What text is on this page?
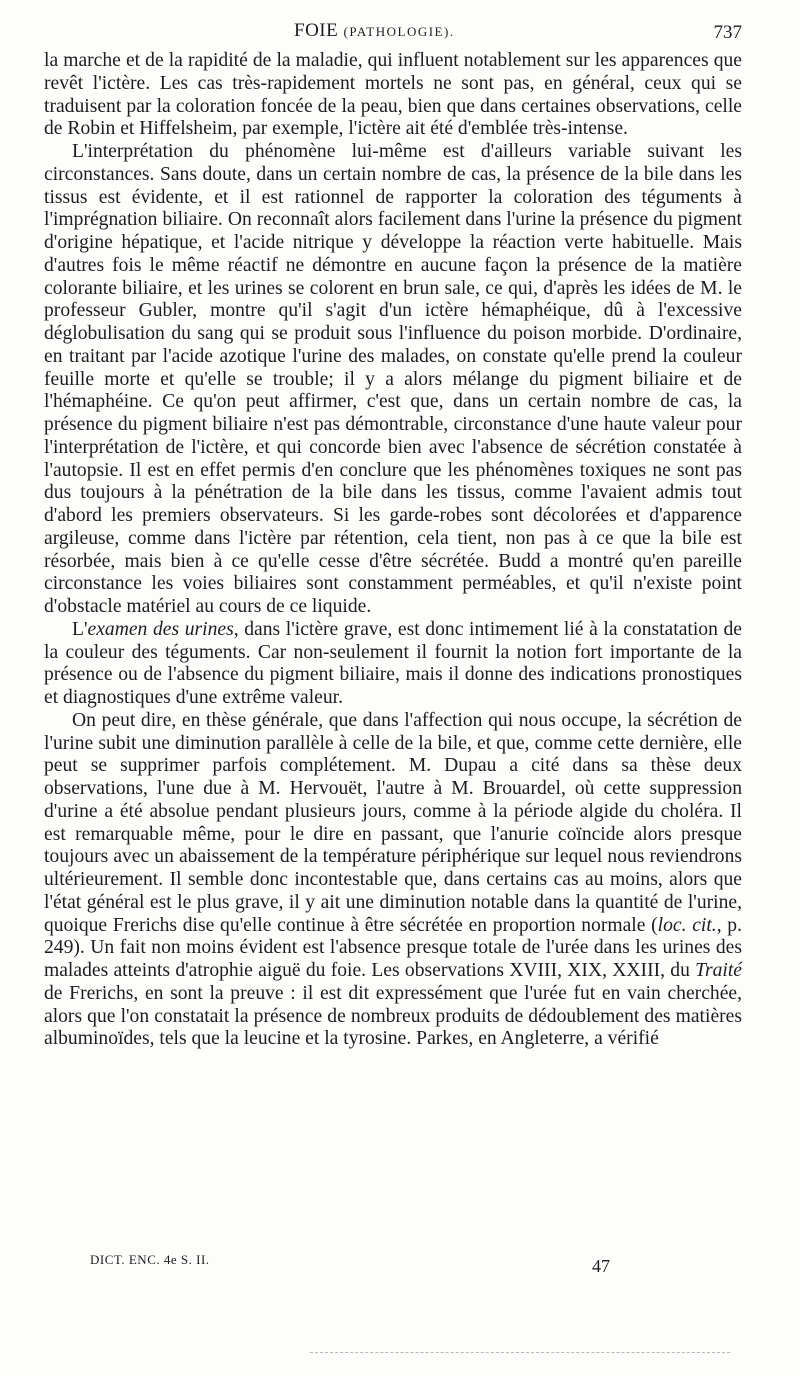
FOIE (PATHOLOGIE).	737

la marche et de la rapidité de la maladie, qui influent notablement sur les apparences que revêt l'ictère. Les cas très-rapidement mortels ne sont pas, en général, ceux qui se traduisent par la coloration foncée de la peau, bien que dans certaines observations, celle de Robin et Hiffelsheim, par exemple, l'ictère ait été d'emblée très-intense.

L'interprétation du phénomène lui-même est d'ailleurs variable suivant les circonstances. Sans doute, dans un certain nombre de cas, la présence de la bile dans les tissus est évidente, et il est rationnel de rapporter la coloration des téguments à l'imprégnation biliaire. On reconnaît alors facilement dans l'urine la présence du pigment d'origine hépatique, et l'acide nitrique y développe la réaction verte habituelle. Mais d'autres fois le même réactif ne démontre en aucune façon la présence de la matière colorante biliaire, et les urines se colorent en brun sale, ce qui, d'après les idées de M. le professeur Gubler, montre qu'il s'agit d'un ictère hémaphéique, dû à l'excessive déglobulisation du sang qui se produit sous l'influence du poison morbide. D'ordinaire, en traitant par l'acide azotique l'urine des malades, on constate qu'elle prend la couleur feuille morte et qu'elle se trouble; il y a alors mélange du pigment biliaire et de l'hémaphéine. Ce qu'on peut affirmer, c'est que, dans un certain nombre de cas, la présence du pigment biliaire n'est pas démontrable, circonstance d'une haute valeur pour l'interprétation de l'ictère, et qui concorde bien avec l'absence de sécrétion constatée à l'autopsie. Il est en effet permis d'en conclure que les phénomènes toxiques ne sont pas dus toujours à la pénétration de la bile dans les tissus, comme l'avaient admis tout d'abord les premiers observateurs. Si les garde-robes sont décolorées et d'apparence argileuse, comme dans l'ictère par rétention, cela tient, non pas à ce que la bile est résorbée, mais bien à ce qu'elle cesse d'être sécrétée. Budd a montré qu'en pareille circonstance les voies biliaires sont constamment perméables, et qu'il n'existe point d'obstacle matériel au cours de ce liquide.

L'examen des urines, dans l'ictère grave, est donc intimement lié à la constatation de la couleur des téguments. Car non-seulement il fournit la notion fort importante de la présence ou de l'absence du pigment biliaire, mais il donne des indications pronostiques et diagnostiques d'une extrême valeur.

On peut dire, en thèse générale, que dans l'affection qui nous occupe, la sécrétion de l'urine subit une diminution parallèle à celle de la bile, et que, comme cette dernière, elle peut se supprimer parfois complétement. M. Dupau a cité dans sa thèse deux observations, l'une due à M. Hervouët, l'autre à M. Brouardel, où cette suppression d'urine a été absolue pendant plusieurs jours, comme à la période algide du choléra. Il est remarquable même, pour le dire en passant, que l'anurie coïncide alors presque toujours avec un abaissement de la température périphérique sur lequel nous reviendrons ultérieurement. Il semble donc incontestable que, dans certains cas au moins, alors que l'état général est le plus grave, il y ait une diminution notable dans la quantité de l'urine, quoique Frerichs dise qu'elle continue à être sécrétée en proportion normale (loc. cit., p. 249). Un fait non moins évident est l'absence presque totale de l'urée dans les urines des malades atteints d'atrophie aiguë du foie. Les observations XVIII, XIX, XXIII, du Traité de Frerichs, en sont la preuve : il est dit expressément que l'urée fut en vain cherchée, alors que l'on constatait la présence de nombreux produits de dédoublement des matières albuminoïdes, tels que la leucine et la tyrosine. Parkes, en Angleterre, a vérifié

DICT. ENC. 4e S. II.	47
